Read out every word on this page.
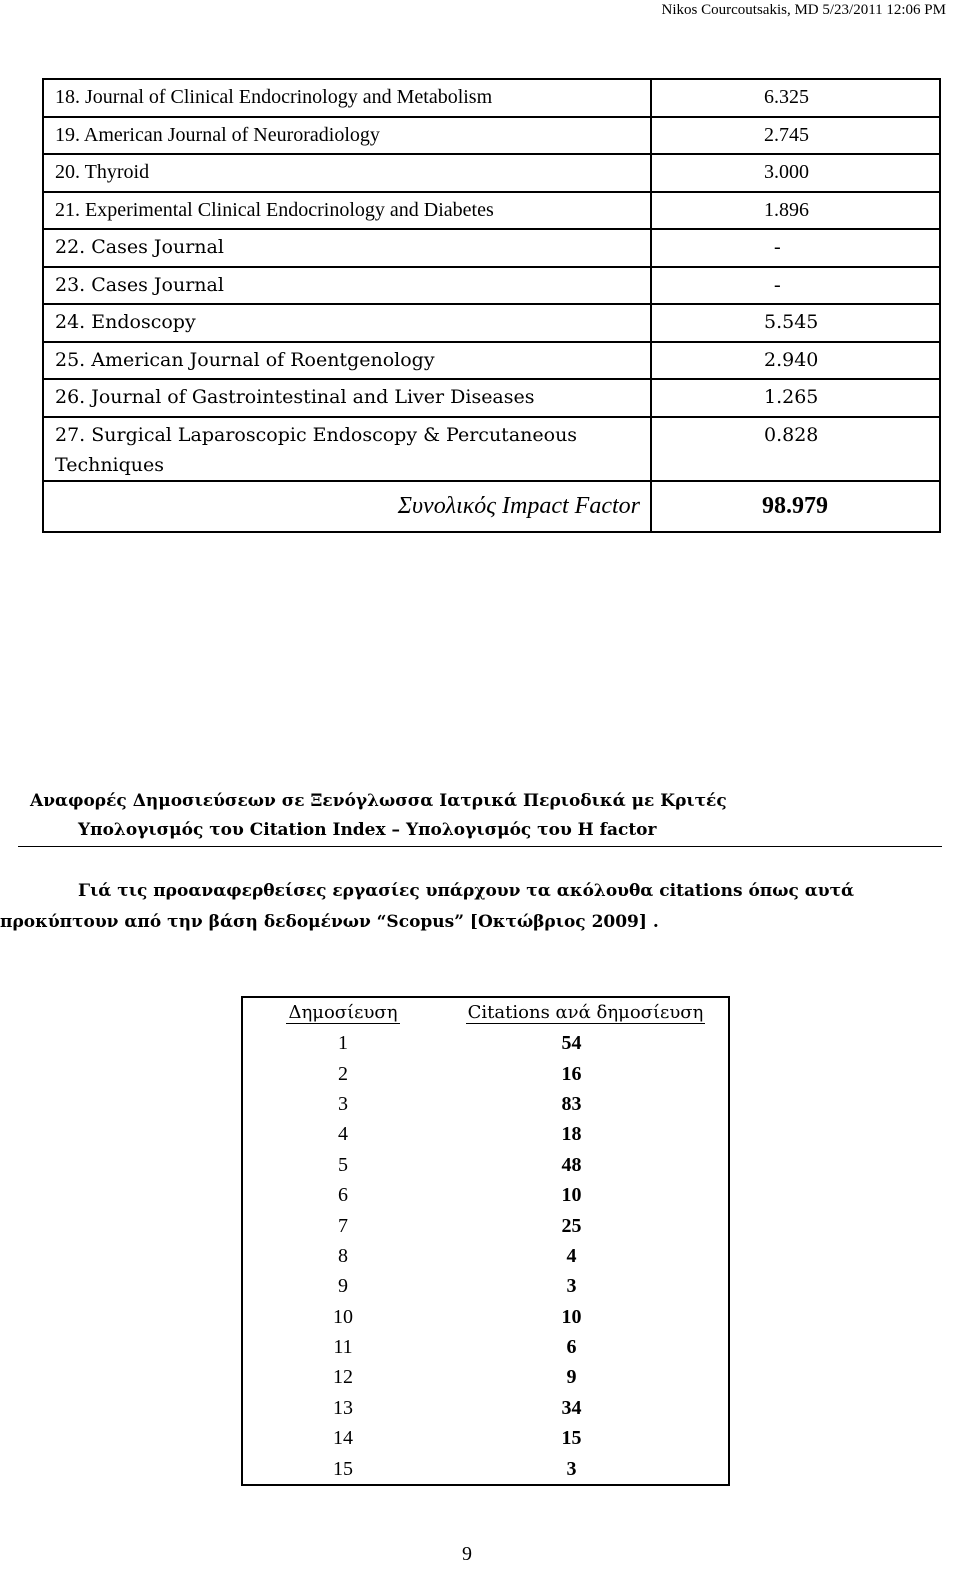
Nikos Courcoutsakis, MD 5/23/2011 12:06 PM
18. Journal of Clinical Endocrinology and Metabolism	6.325
19. American Journal of Neuroradiology	2.745
20. Thyroid	3.000
21. Experimental Clinical Endocrinology and Diabetes	1.896
22. Cases Journal	-
23. Cases Journal	-
24. Endoscopy	5.545
25. American Journal of Roentgenology	2.940
26. Journal of Gastrointestinal and Liver Diseases	1.265

27. Surgical Laparoscopic Endoscopy & Percutaneous
Techniques	0.828
Συνολικός Impact Factor	98.979
Αναφορές Δημοσιεύσεων σε Ξενόγλωσσα Ιατρικά Περιοδικά με Κριτές
Υπολογισμός του Citation Index – Υπολογισμός του H factor
Γιά τις προαναφερθείσες εργασίες υπάρχουν τα ακόλουθα citations όπως αυτά
προκύπτουν από την βάση δεδομένων “Scopus” [Οκτώβριος 2009] .
Δημοσίευση	Citations ανά δημοσίευση
1	54
2	16
3	83
4	18
5	48
6	10
7	25
8	4
9	3
10	10
11	6
12	9
13	34
14	15
15	3
9
